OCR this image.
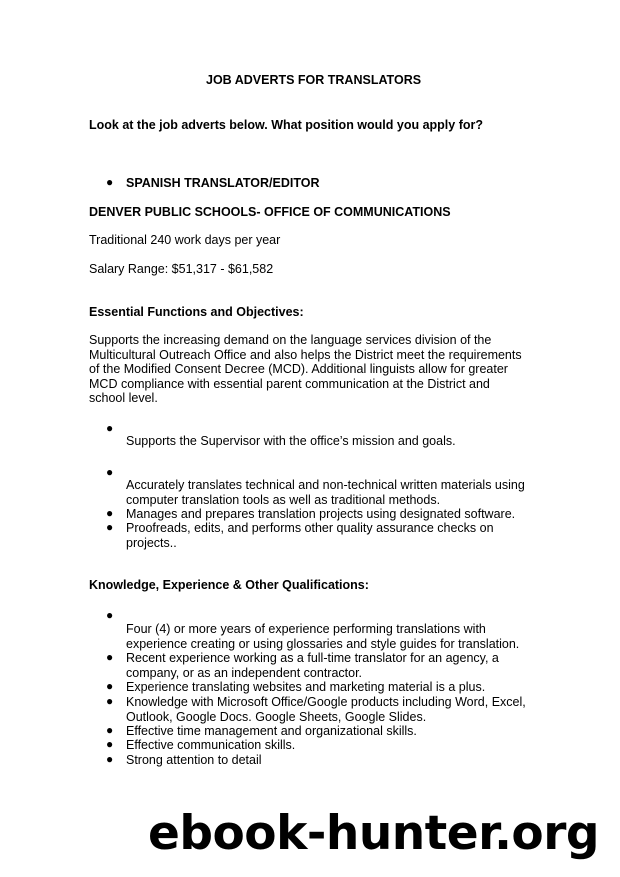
JOB ADVERTS FOR TRANSLATORS
Look at the job adverts below. What position would you apply for?
● SPANISH TRANSLATOR/EDITOR
DENVER PUBLIC SCHOOLS- OFFICE OF COMMUNICATIONS
Traditional 240 work days per year
Salary Range: $51,317 - $61,582
Essential Functions and Objectives:
Supports the increasing demand on the language services division of the Multicultural Outreach Office and also helps the District meet the requirements of the Modified Consent Decree (MCD). Additional linguists allow for greater MCD compliance with essential parent communication at the District and school level.
●
Supports the Supervisor with the office’s mission and goals.
●
Accurately translates technical and non-technical written materials using computer translation tools as well as traditional methods.
● Manages and prepares translation projects using designated software.
● Proofreads, edits, and performs other quality assurance checks on projects..
Knowledge, Experience & Other Qualifications:
●
Four (4) or more years of experience performing translations with experience creating or using glossaries and style guides for translation.
● Recent experience working as a full-time translator for an agency, a company, or as an independent contractor.
● Experience translating websites and marketing material is a plus.
● Knowledge with Microsoft Office/Google products including Word, Excel, Outlook, Google Docs. Google Sheets, Google Slides.
● Effective time management and organizational skills.
● Effective communication skills.
● Strong attention to detail
ebook-hunter.org
